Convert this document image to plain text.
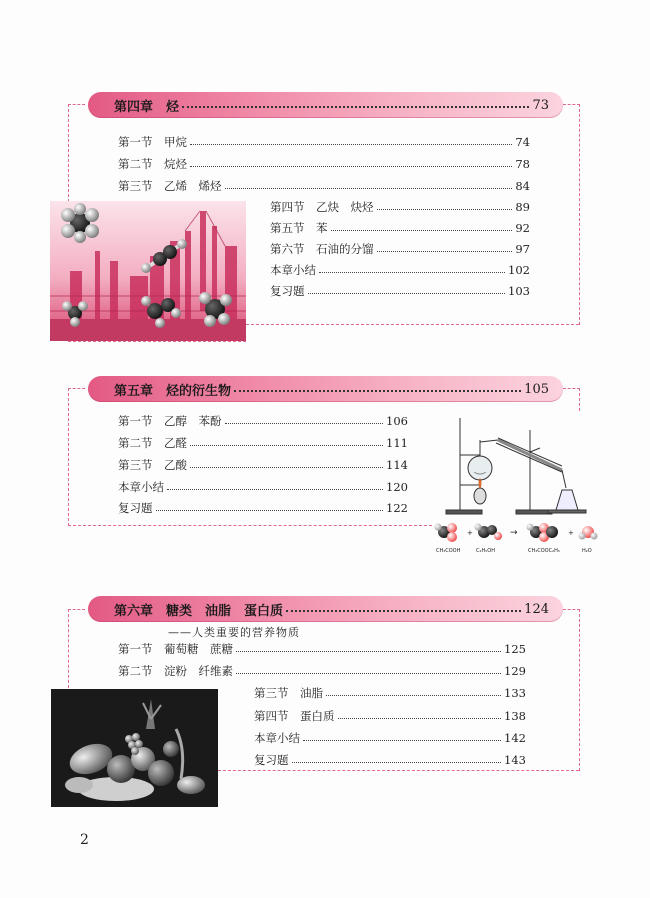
第四章　烃	73
第一节　甲烷	74
第二节　烷烃	78
第三节　乙烯　烯烃	84
第四节　乙炔　炔烃	89
第五节　苯	92
第六节　石油的分馏	97
本章小结	102
复习题	103
第五章　烃的衍生物	105
第一节　乙醇　苯酚	106
第二节　乙醛	111
第三节　乙酸	114
本章小结	120
复习题	122
CH₃COOH
+
C₂H₅OH
→
CH₃COOC₂H₅
+
H₂O
第六章　糖类　油脂　蛋白质	124
——人类重要的营养物质
第一节　葡萄糖　蔗糖	125
第二节　淀粉　纤维素	129
第三节　油脂	133
第四节　蛋白质	138
本章小结	142
复习题	143
2
